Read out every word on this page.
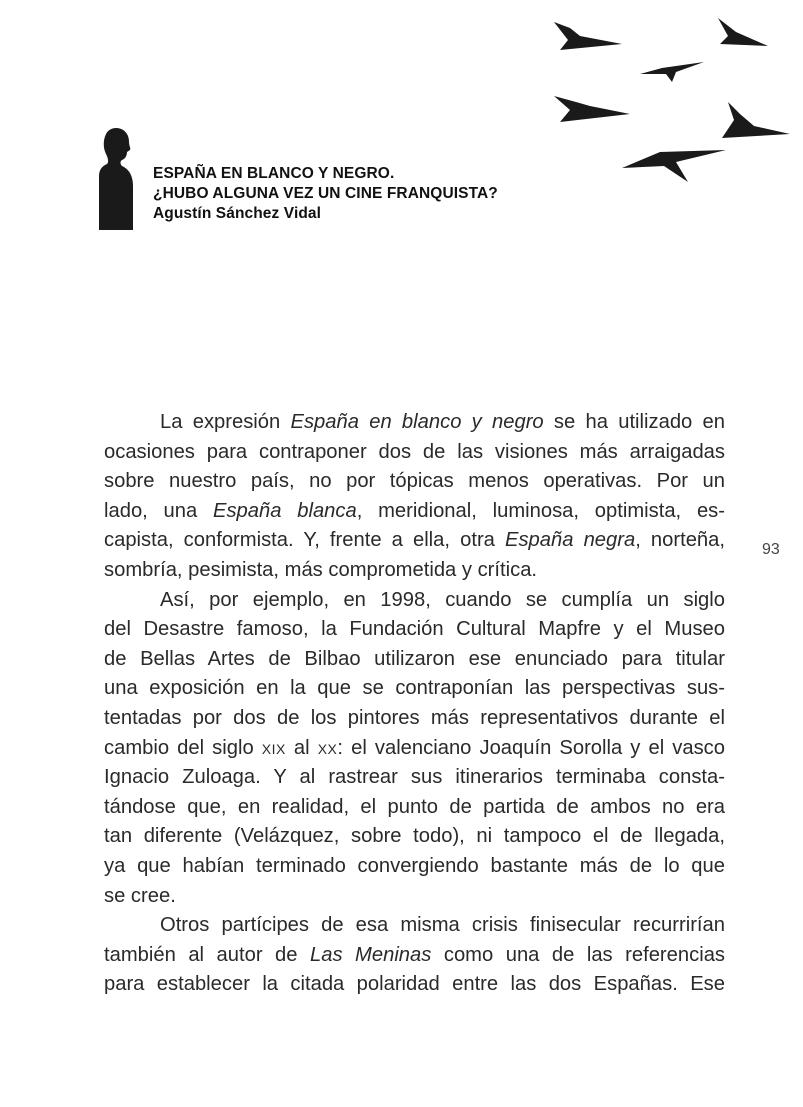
ESPAÑA EN BLANCO Y NEGRO.
¿HUBO ALGUNA VEZ UN CINE FRANQUISTA?
Agustín Sánchez Vidal
La expresión España en blanco y negro se ha utilizado en
ocasiones para contraponer dos de las visiones más arraigadas
sobre nuestro país, no por tópicas menos operativas. Por un
lado, una España blanca, meridional, luminosa, optimista, es-
capista, conformista. Y, frente a ella, otra España negra, norteña,
sombría, pesimista, más comprometida y crítica.
Así, por ejemplo, en 1998, cuando se cumplía un siglo
del Desastre famoso, la Fundación Cultural Mapfre y el Museo
de Bellas Artes de Bilbao utilizaron ese enunciado para titular
una exposición en la que se contraponían las perspectivas sus-
tentadas por dos de los pintores más representativos durante el
cambio del siglo XIX al XX: el valenciano Joaquín Sorolla y el vasco
Ignacio Zuloaga. Y al rastrear sus itinerarios terminaba consta-
tándose que, en realidad, el punto de partida de ambos no era
tan diferente (Velázquez, sobre todo), ni tampoco el de llegada,
ya que habían terminado convergiendo bastante más de lo que
se cree.
Otros partícipes de esa misma crisis finisecular recurrirían
también al autor de Las Meninas como una de las referencias
para establecer la citada polaridad entre las dos Españas. Ese
93
